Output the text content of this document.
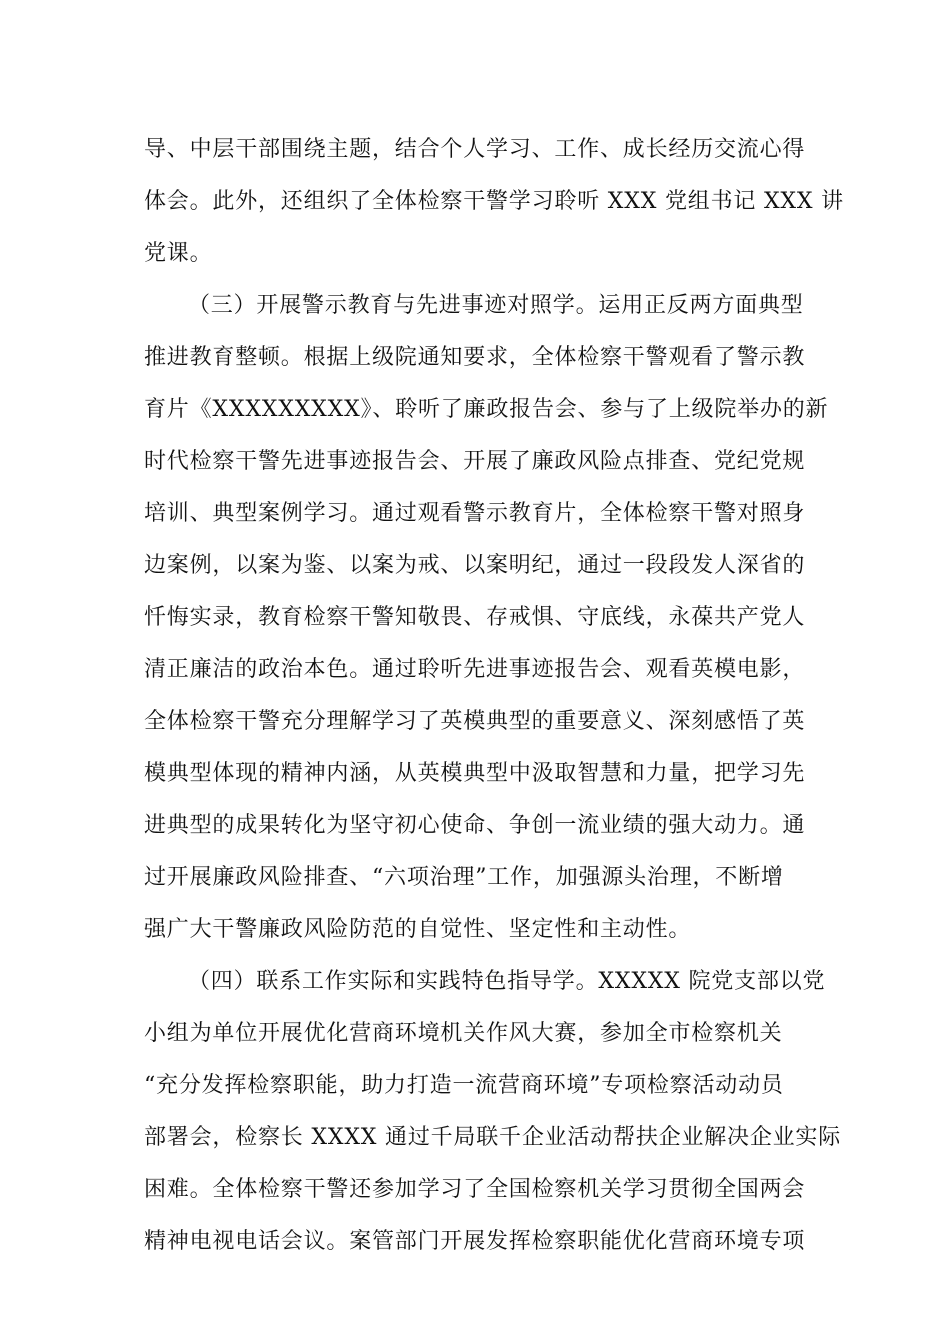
导、中层干部围绕主题，结合个人学习、工作、成长经历交流心得
体会。此外，还组织了全体检察干警学习聆听 XXX 党组书记 XXX 讲
党课。
（三）开展警示教育与先进事迹对照学。运用正反两方面典型
推进教育整顿。根据上级院通知要求，全体检察干警观看了警示教
育片《XXXXXXXXX》、聆听了廉政报告会、参与了上级院举办的新
时代检察干警先进事迹报告会、开展了廉政风险点排查、党纪党规
培训、典型案例学习。通过观看警示教育片，全体检察干警对照身
边案例，以案为鉴、以案为戒、以案明纪，通过一段段发人深省的
忏悔实录，教育检察干警知敬畏、存戒惧、守底线，永葆共产党人
清正廉洁的政治本色。通过聆听先进事迹报告会、观看英模电影，
全体检察干警充分理解学习了英模典型的重要意义、深刻感悟了英
模典型体现的精神内涵，从英模典型中汲取智慧和力量，把学习先
进典型的成果转化为坚守初心使命、争创一流业绩的强大动力。通
过开展廉政风险排查、“六项治理”工作，加强源头治理，不断增
强广大干警廉政风险防范的自觉性、坚定性和主动性。
（四）联系工作实际和实践特色指导学。XXXXX 院党支部以党
小组为单位开展优化营商环境机关作风大赛，参加全市检察机关
“充分发挥检察职能，助力打造一流营商环境”专项检察活动动员
部署会，检察长 XXXX 通过千局联千企业活动帮扶企业解决企业实际
困难。全体检察干警还参加学习了全国检察机关学习贯彻全国两会
精神电视电话会议。案管部门开展发挥检察职能优化营商环境专项
